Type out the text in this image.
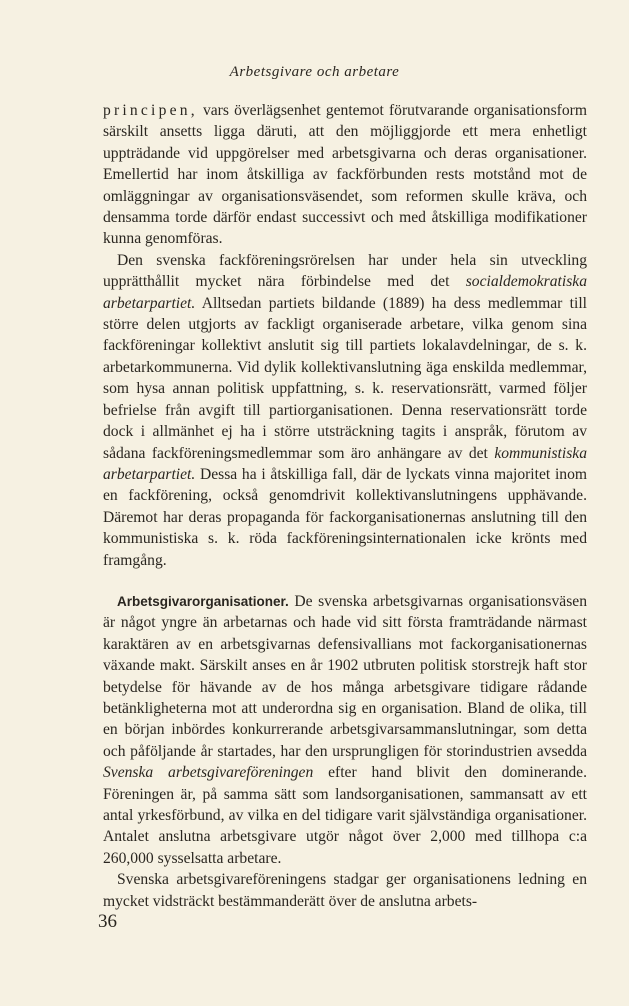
Arbetsgivare och arbetare

principen, vars överlägsenhet gentemot förutvarande organisationsform särskilt ansetts ligga däruti, att den möjliggjorde ett mera enhetligt uppträdande vid uppgörelser med arbetsgivarna och deras organisationer. Emellertid har inom åtskilliga av fackförbunden rests motstånd mot de omläggningar av organisationsväsendet, som reformen skulle kräva, och densamma torde därför endast successivt och med åtskilliga modifikationer kunna genomföras.

Den svenska fackföreningsrörelsen har under hela sin utveckling upprätthållit mycket nära förbindelse med det socialdemokratiska arbetarpartiet. Alltsedan partiets bildande (1889) ha dess medlemmar till större delen utgjorts av fackligt organiserade arbetare, vilka genom sina fackföreningar kollektivt anslutit sig till partiets lokalavdelningar, de s. k. arbetarkommunerna. Vid dylik kollektivanslutning äga enskilda medlemmar, som hysa annan politisk uppfattning, s. k. reservationsrätt, varmed följer befrielse från avgift till partiorganisationen. Denna reservationsrätt torde dock i allmänhet ej ha i större utsträckning tagits i anspråk, förutom av sådana fackföreningsmedlemmar som äro anhängare av det kommunistiska arbetarpartiet. Dessa ha i åtskilliga fall, där de lyckats vinna majoritet inom en fackförening, också genomdrivit kollektivanslutningens upphävande. Däremot har deras propaganda för fackorganisationernas anslutning till den kommunistiska s. k. röda fackföreningsinternationalen icke krönts med framgång.

Arbetsgivarorganisationer. De svenska arbetsgivarnas organisationsväsen är något yngre än arbetarnas och hade vid sitt första framträdande närmast karaktären av en arbetsgivarnas defensivallians mot fackorganisationernas växande makt. Särskilt anses en år 1902 utbruten politisk storstrejk haft stor betydelse för hävande av de hos många arbetsgivare tidigare rådande betänkligheterna mot att underordna sig en organisation. Bland de olika, till en början inbördes konkurrerande arbetsgivarsammanslutningar, som detta och påföljande år startades, har den ursprungligen för storindustrien avsedda Svenska arbetsgivareföreningen efter hand blivit den dominerande. Föreningen är, på samma sätt som landsorganisationen, sammansatt av ett antal yrkesförbund, av vilka en del tidigare varit självständiga organisationer. Antalet anslutna arbetsgivare utgör något över 2,000 med tillhopa c:a 260,000 sysselsatta arbetare.

Svenska arbetsgivareföreningens stadgar ger organisationens ledning en mycket vidsträckt bestämmanderätt över de anslutna arbets-

36
